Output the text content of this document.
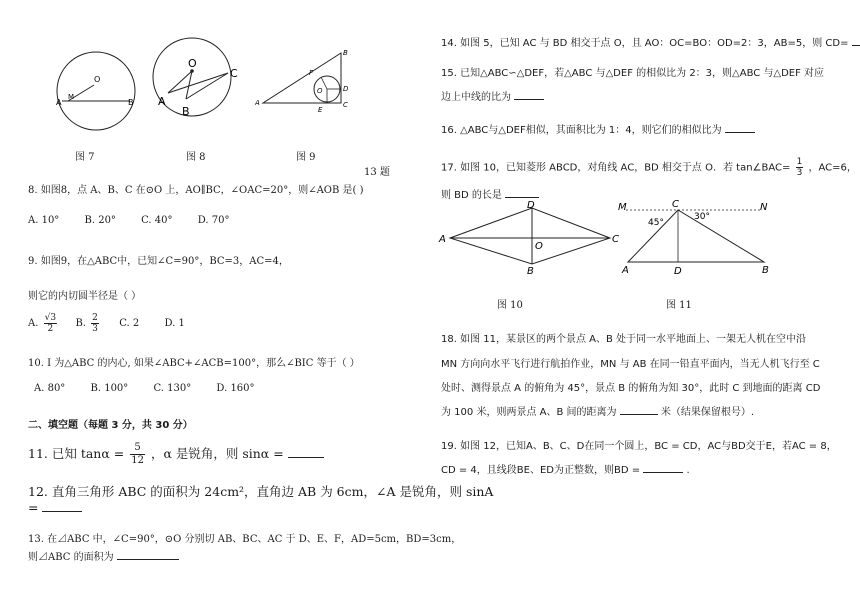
O
A
M
B
图 7
O
A
B
C
图 8
A
B
C
D
E
F
O
图 9
13 题
8. 如图8，点 A、B、C 在⊙O 上，AO∥BC，∠OAC=20°，则∠AOB 是( )
A. 10°	B. 20°	C. 40°	D. 70°
9. 如图9，在△ABC中，已知∠C=90°，BC=3，AC=4，
则它的内切圆半径是（ ）
A. $\frac{√3}{2} B$. $\frac{2}{3} C$. 2	D. 1
10. I 为△ABC 的内心, 如果∠ABC+∠ACB=100°，那么∠BIC 等于（ ）
A. 80°	B. 100°	C. 130°	D. 160°
二、填空题（每题 3 分，共 30 分）
11. 已知 $\tan\alpha = \frac{5}{12}$ ，α 是锐角，则 sinα =
12. 直角三角形 ABC 的面积为 24cm²，直角边 AB 为 6cm，∠A 是锐角，则 sinA
=
13. 在⊿ABC 中，∠C=90°，⊙O 分别切 AB、BC、AC 于 D、E、F，AD=5cm，BD=3cm，
则⊿ABC 的面积为
14. 如图 5，已知 AC 与 BD 相交于点 O，且 AO：OC=BO：OD=2：3，AB=5，则 CD=
15. 已知△ABC∽△DEF，若△ABC 与△DEF 的相似比为 2：3，则△ABC 与△DEF 对应
边上中线的比为
16. △ABC与△DEF相似，其面积比为 1：4，则它们的相似比为
17. 如图 10，已知菱形 ABCD，对角线 AC，BD 相交于点 O．若 tan∠BAC= $\frac{1}{3}$ ，AC=6，
则 BD 的长是
A
D
C
B
O
图 10
M	N
C
A	D	B
45°
30°
图 11
18. 如图 11，某景区的两个景点 A、B 处于同一水平地面上、一架无人机在空中沿
MN 方向向水平飞行进行航拍作业，MN 与 AB 在同一铅直平面内，当无人机飞行至 C
处时、测得景点 A 的俯角为 45°，景点 B 的俯角为知 30°，此时 C 到地面的距离 CD
为 100 米，则两景点 A、B 间的距离为	米（结果保留根号）.
19. 如图 12，已知A、B、C、D在同一个圆上，BC = CD，AC与BD交于E，若AC = 8，
CD = 4，且线段BE、ED为正整数，则BD =	.
